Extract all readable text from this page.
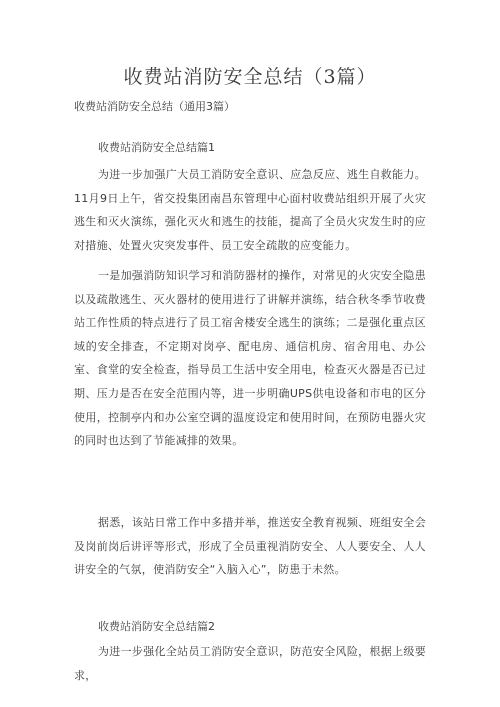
收费站消防安全总结（3篇）
收费站消防安全总结（通用3篇）
收费站消防安全总结篇1
为进一步加强广大员工消防安全意识、应急反应、逃生自救能力。11月9日上午，省交投集团南昌东管理中心面村收费站组织开展了火灾逃生和灭火演练，强化灭火和逃生的技能，提高了全员火灾发生时的应对措施、处置火灾突发事件、员工安全疏散的应变能力。
一是加强消防知识学习和消防器材的操作，对常见的火灾安全隐患以及疏散逃生、灭火器材的使用进行了讲解并演练，结合秋冬季节收费站工作性质的特点进行了员工宿舍楼安全逃生的演练；二是强化重点区域的安全排查，不定期对岗亭、配电房、通信机房、宿舍用电、办公室、食堂的安全检查，指导员工生活中安全用电，检查灭火器是否已过期、压力是否在安全范围内等，进一步明确UPS供电设备和市电的区分使用，控制亭内和办公室空调的温度设定和使用时间，在预防电器火灾的同时也达到了节能减排的效果。
据悉，该站日常工作中多措并举，推送安全教育视频、班组安全会及岗前岗后讲评等形式，形成了全员重视消防安全、人人要安全、人人讲安全的气氛，使消防安全“入脑入心”，防患于未然。
收费站消防安全总结篇2
为进一步强化全站员工消防安全意识，防范安全风险，根据上级要求，
